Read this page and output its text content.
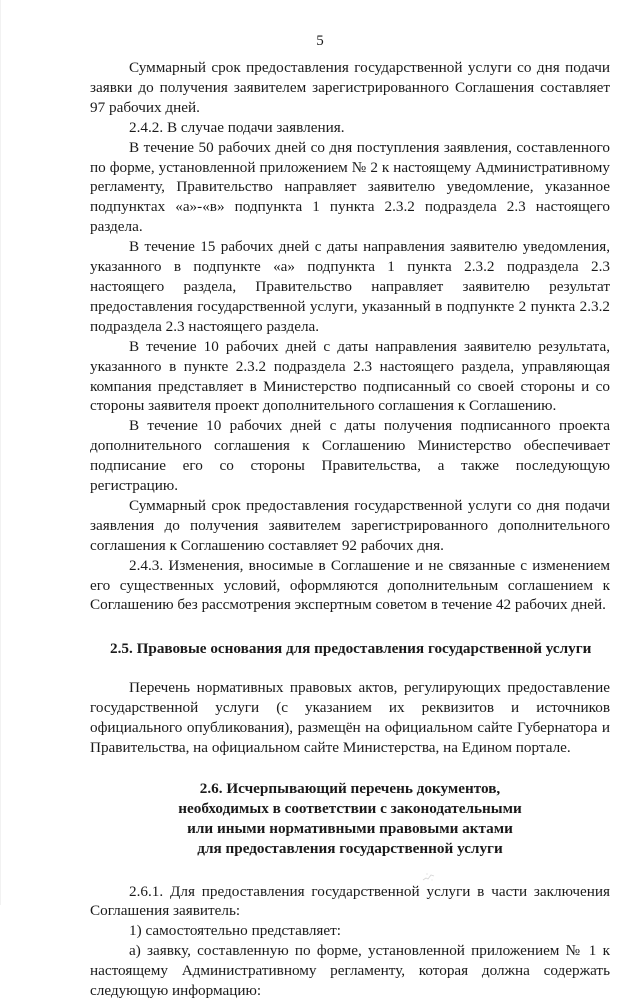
5

Суммарный срок предоставления государственной услуги со дня подачи заявки до получения заявителем зарегистрированного Соглашения составляет 97 рабочих дней.

2.4.2. В случае подачи заявления.

В течение 50 рабочих дней со дня поступления заявления, составленного по форме, установленной приложением № 2 к настоящему Административному регламенту, Правительство направляет заявителю уведомление, указанное подпунктах «а»-«в» подпункта 1 пункта 2.3.2 подраздела 2.3 настоящего раздела.

В течение 15 рабочих дней с даты направления заявителю уведомления, указанного в подпункте «а» подпункта 1 пункта 2.3.2 подраздела 2.3 настоящего раздела, Правительство направляет заявителю результат предоставления государственной услуги, указанный в подпункте 2 пункта 2.3.2 подраздела 2.3 настоящего раздела.

В течение 10 рабочих дней с даты направления заявителю результата, указанного в пункте 2.3.2 подраздела 2.3 настоящего раздела, управляющая компания представляет в Министерство подписанный со своей стороны и со стороны заявителя проект дополнительного соглашения к Соглашению.

В течение 10 рабочих дней с даты получения подписанного проекта дополнительного соглашения к Соглашению Министерство обеспечивает подписание его со стороны Правительства, а также последующую регистрацию.

Суммарный срок предоставления государственной услуги со дня подачи заявления до получения заявителем зарегистрированного дополнительного соглашения к Соглашению составляет 92 рабочих дня.

2.4.3. Изменения, вносимые в Соглашение и не связанные с изменением его существенных условий, оформляются дополнительным соглашением к Соглашению без рассмотрения экспертным советом в течение 42 рабочих дней.

2.5. Правовые основания для предоставления государственной услуги

Перечень нормативных правовых актов, регулирующих предоставление государственной услуги (с указанием их реквизитов и источников официального опубликования), размещён на официальном сайте Губернатора и Правительства, на официальном сайте Министерства, на Едином портале.

2.6. Исчерпывающий перечень документов,
необходимых в соответствии с законодательными
или иными нормативными правовыми актами
для предоставления государственной услуги

2.6.1. Для предоставления государственной услуги в части заключения Соглашения заявитель:

1) самостоятельно представляет:

а) заявку, составленную по форме, установленной приложением № 1 к настоящему Административному регламенту, которая должна содержать следующую информацию:
